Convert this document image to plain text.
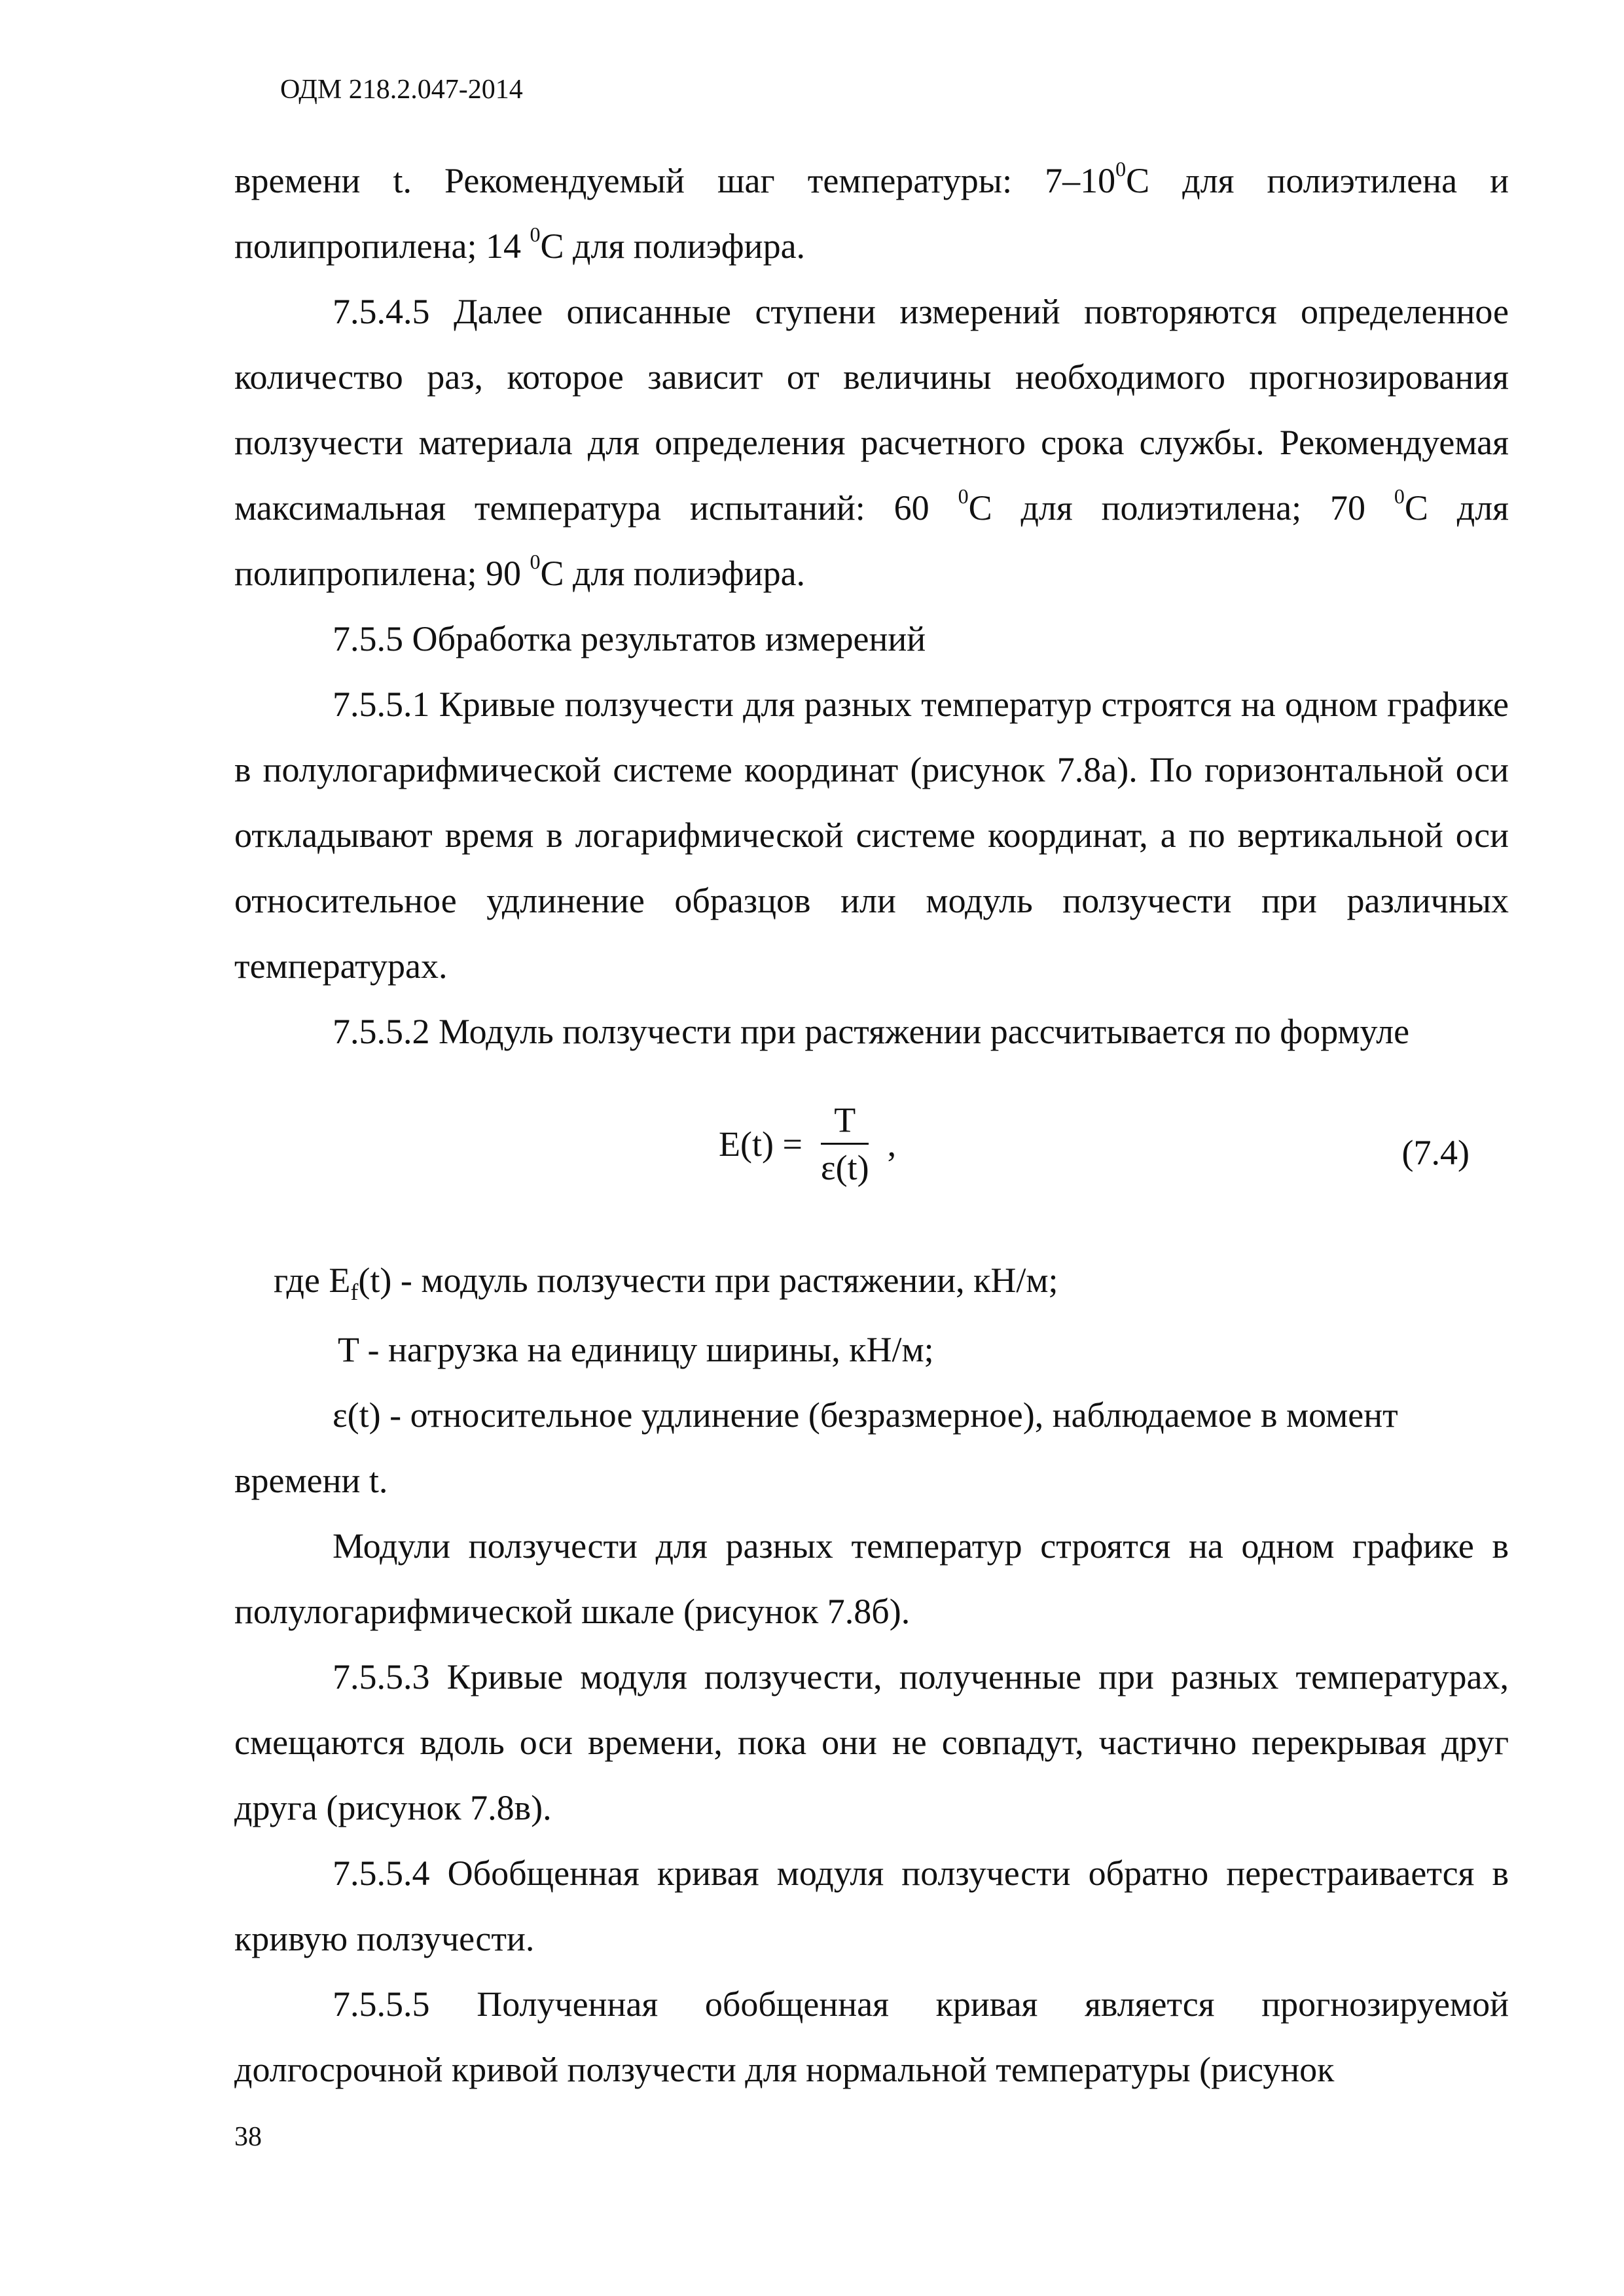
ОДМ 218.2.047-2014

времени t. Рекомендуемый шаг температуры: $7-10^0С$ для полиэтилена и полипропилена; 14 $^0$С для полиэфира.

7.5.4.5 Далее описанные ступени измерений повторяются определенное количество раз, которое зависит от величины необходимого прогнозирования ползучести материала для определения расчетного срока службы. Рекомендуемая максимальная температура испытаний: 60 $^0$С для полиэтилена; 70 $^0$С для полипропилена; 90 $^0$С для полиэфира.

7.5.5 Обработка результатов измерений

7.5.5.1 Кривые ползучести для разных температур строятся на одном графике в полулогарифмической системе координат (рисунок 7.8а). По горизонтальной оси откладывают время в логарифмической системе координат, а по вертикальной оси относительное удлинение образцов или модуль ползучести при различных температурах.

7.5.5.2 Модуль ползучести при растяжении рассчитывается по формуле

$E(t) = \frac{T}{\varepsilon(t)}$ ,	(7.4)

где $E_f(t)$ - модуль ползучести при растяжении, кН/м;

T - нагрузка на единицу ширины, кН/м;

ε(t) - относительное удлинение (безразмерное), наблюдаемое в момент

времени t.

Модули ползучести для разных температур строятся на одном графике в полулогарифмической шкале (рисунок 7.8б).

7.5.5.3 Кривые модуля ползучести, полученные при разных температурах, смещаются вдоль оси времени, пока они не совпадут, частично перекрывая друг друга (рисунок 7.8в).

7.5.5.4 Обобщенная кривая модуля ползучести обратно перестраивается в кривую ползучести.

7.5.5.5 Полученная обобщенная кривая является прогнозируемой долгосрочной кривой ползучести для нормальной температуры (рисунок

38
